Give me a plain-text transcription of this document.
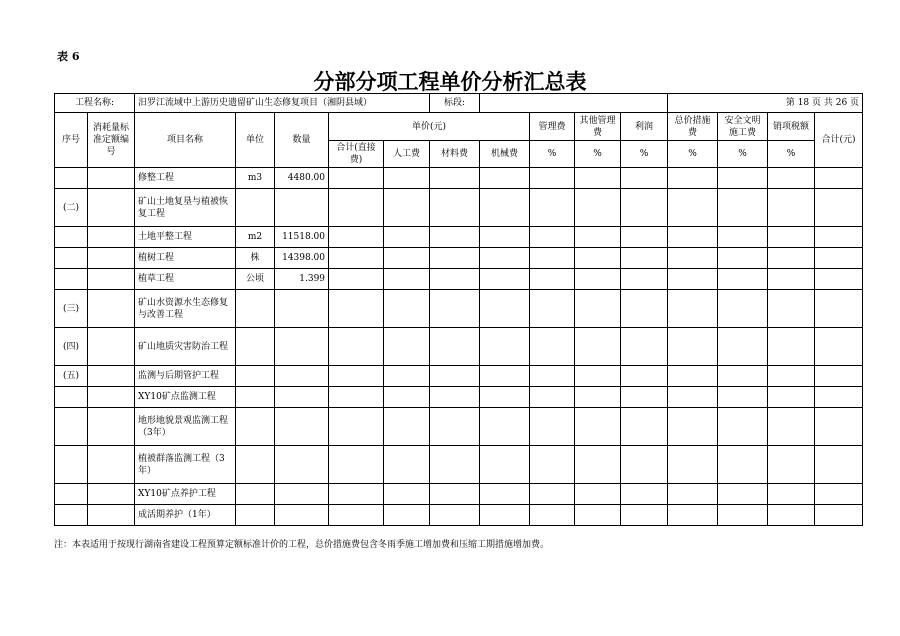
表 6
分部分项工程单价分析汇总表
工程名称:		汨罗江流域中上游历史遗留矿山生态修复项目（湘阴县域）					标段:					第 18 页 共 26 页			
序号	消耗量标准定额编号	项目名称	单位	数量	单价(元)				管理费	其他管理费	利润	总价措施费	安全文明施工费	销项税额	合计(元)
					合计(直接费)	人工费	材料费	机械费	%	%	%	%	%	%	
		修整工程	m3	4480.00											
(二)		矿山土地复垦与植被恢复工程													
		土地平整工程	m2	11518.00											
		植树工程	株	14398.00											
		植草工程	公顷	1.399											
(三)		矿山水资源水生态修复与改善工程													
(四)		矿山地质灾害防治工程													
(五)		监测与后期管护工程													
		XY10矿点监测工程													
		地形地貌景观监测工程（3年）													
		植被群落监测工程（3年）													
		XY10矿点养护工程													
		成活期养护（1年）													
注：本表适用于按现行湖南省建设工程预算定额标准计价的工程，总价措施费包含冬雨季施工增加费和压缩工期措施增加费。
